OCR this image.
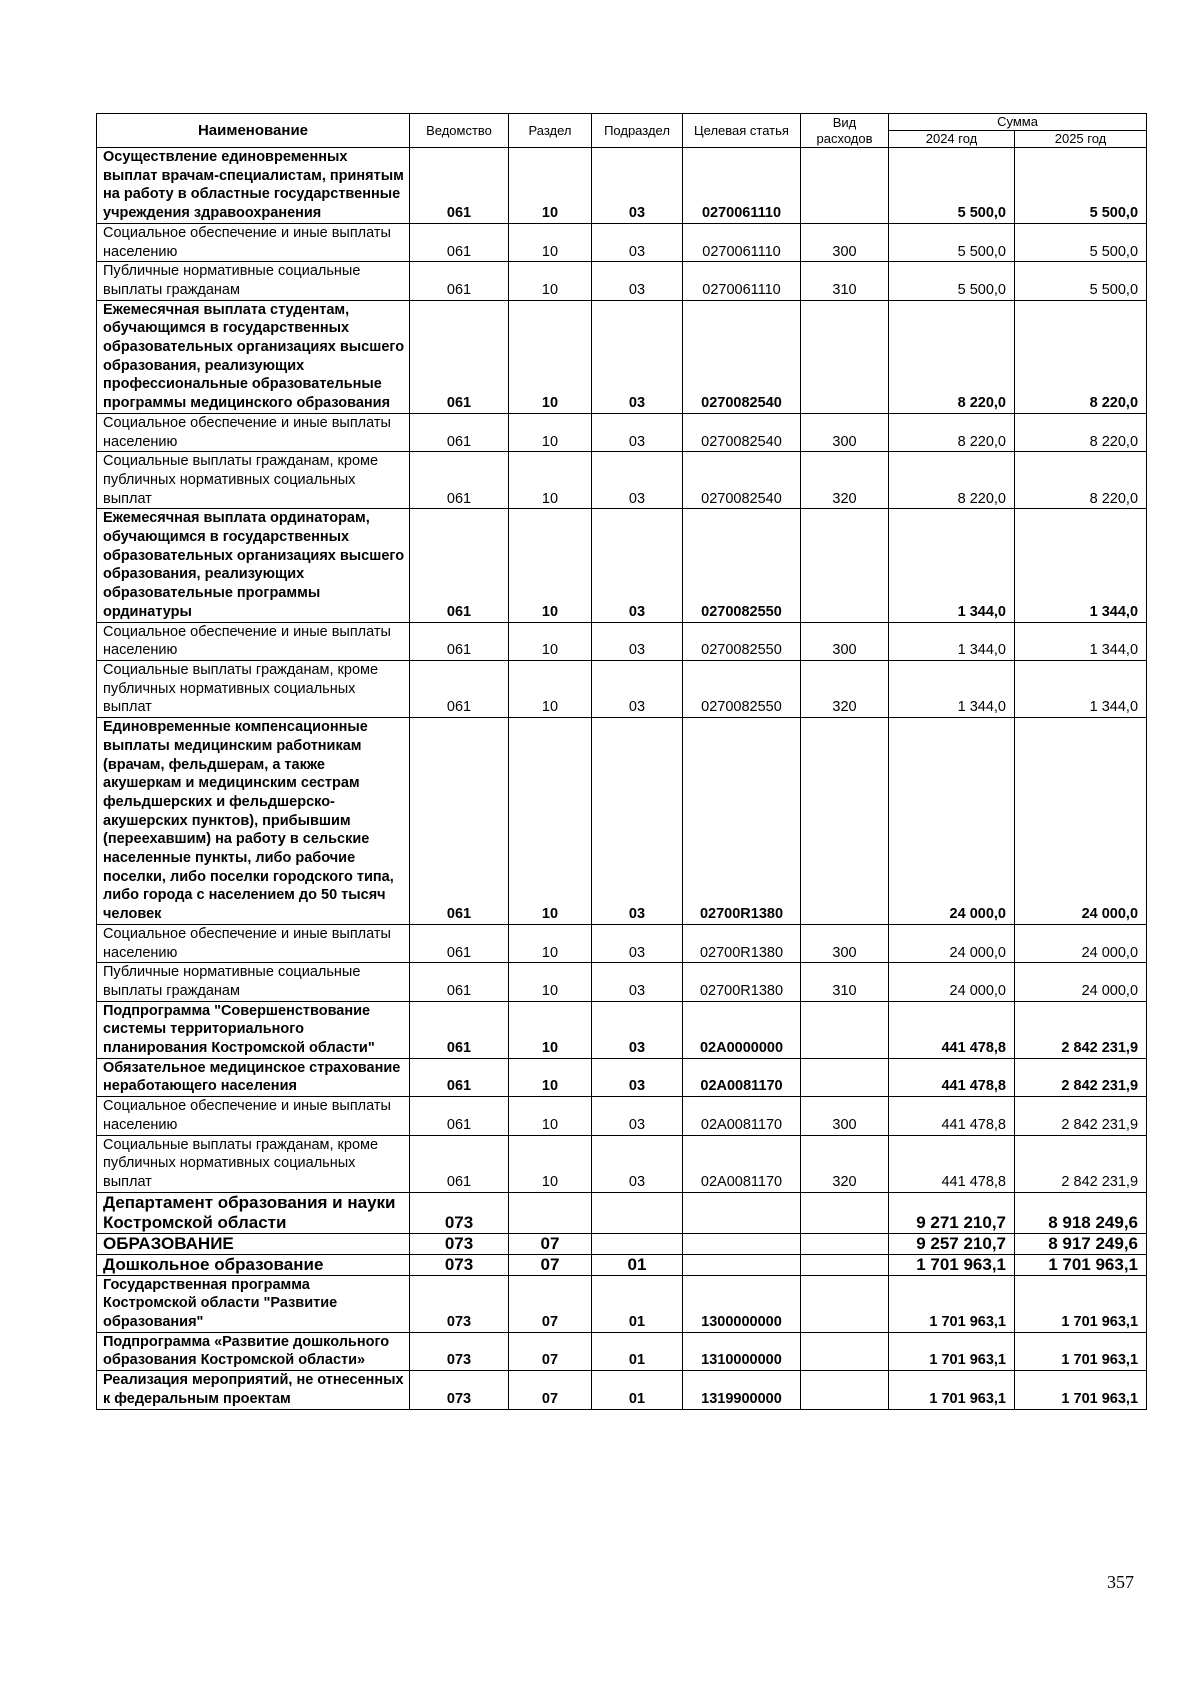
Наименование	Ведомство	Раздел	Подраздел	Целевая статья	Вид расходов	Сумма	
						2024 год	2025 год
Осуществление единовременных выплат врачам-специалистам, принятым на работу в областные государственные учреждения здравоохранения	061	10	03	0270061110		5 500,0	5 500,0
Социальное обеспечение и иные выплаты населению	061	10	03	0270061110	300	5 500,0	5 500,0
Публичные нормативные социальные выплаты гражданам	061	10	03	0270061110	310	5 500,0	5 500,0
Ежемесячная выплата студентам, обучающимся в государственных образовательных организациях высшего образования, реализующих профессиональные образовательные программы медицинского образования	061	10	03	0270082540		8 220,0	8 220,0
Социальное обеспечение и иные выплаты населению	061	10	03	0270082540	300	8 220,0	8 220,0
Социальные выплаты гражданам, кроме публичных нормативных социальных выплат	061	10	03	0270082540	320	8 220,0	8 220,0
Ежемесячная выплата ординаторам, обучающимся в государственных образовательных организациях высшего образования, реализующих образовательные программы ординатуры	061	10	03	0270082550		1 344,0	1 344,0
Социальное обеспечение и иные выплаты населению	061	10	03	0270082550	300	1 344,0	1 344,0
Социальные выплаты гражданам, кроме публичных нормативных социальных выплат	061	10	03	0270082550	320	1 344,0	1 344,0
Единовременные компенсационные выплаты медицинским работникам (врачам, фельдшерам, а также акушеркам и медицинским сестрам фельдшерских и фельдшерско-акушерских пунктов), прибывшим (переехавшим) на работу в сельские населенные пункты, либо рабочие поселки, либо поселки городского типа, либо города с населением до 50 тысяч человек	061	10	03	02700R1380		24 000,0	24 000,0
Социальное обеспечение и иные выплаты населению	061	10	03	02700R1380	300	24 000,0	24 000,0
Публичные нормативные социальные выплаты гражданам	061	10	03	02700R1380	310	24 000,0	24 000,0
Подпрограмма "Совершенствование системы территориального планирования Костромской области"	061	10	03	02А0000000		441 478,8	2 842 231,9
Обязательное медицинское страхование неработающего населения	061	10	03	02А0081170		441 478,8	2 842 231,9
Социальное обеспечение и иные выплаты населению	061	10	03	02А0081170	300	441 478,8	2 842 231,9
Социальные выплаты гражданам, кроме публичных нормативных социальных выплат	061	10	03	02А0081170	320	441 478,8	2 842 231,9
Департамент образования и науки Костромской области	073					9 271 210,7	8 918 249,6
ОБРАЗОВАНИЕ	073	07				9 257 210,7	8 917 249,6
Дошкольное образование	073	07	01			1 701 963,1	1 701 963,1
Государственная программа Костромской области "Развитие образования"	073	07	01	1300000000		1 701 963,1	1 701 963,1
Подпрограмма «Развитие дошкольного образования Костромской области»	073	07	01	1310000000		1 701 963,1	1 701 963,1
Реализация мероприятий, не отнесенных к федеральным проектам	073	07	01	1319900000		1 701 963,1	1 701 963,1
357
